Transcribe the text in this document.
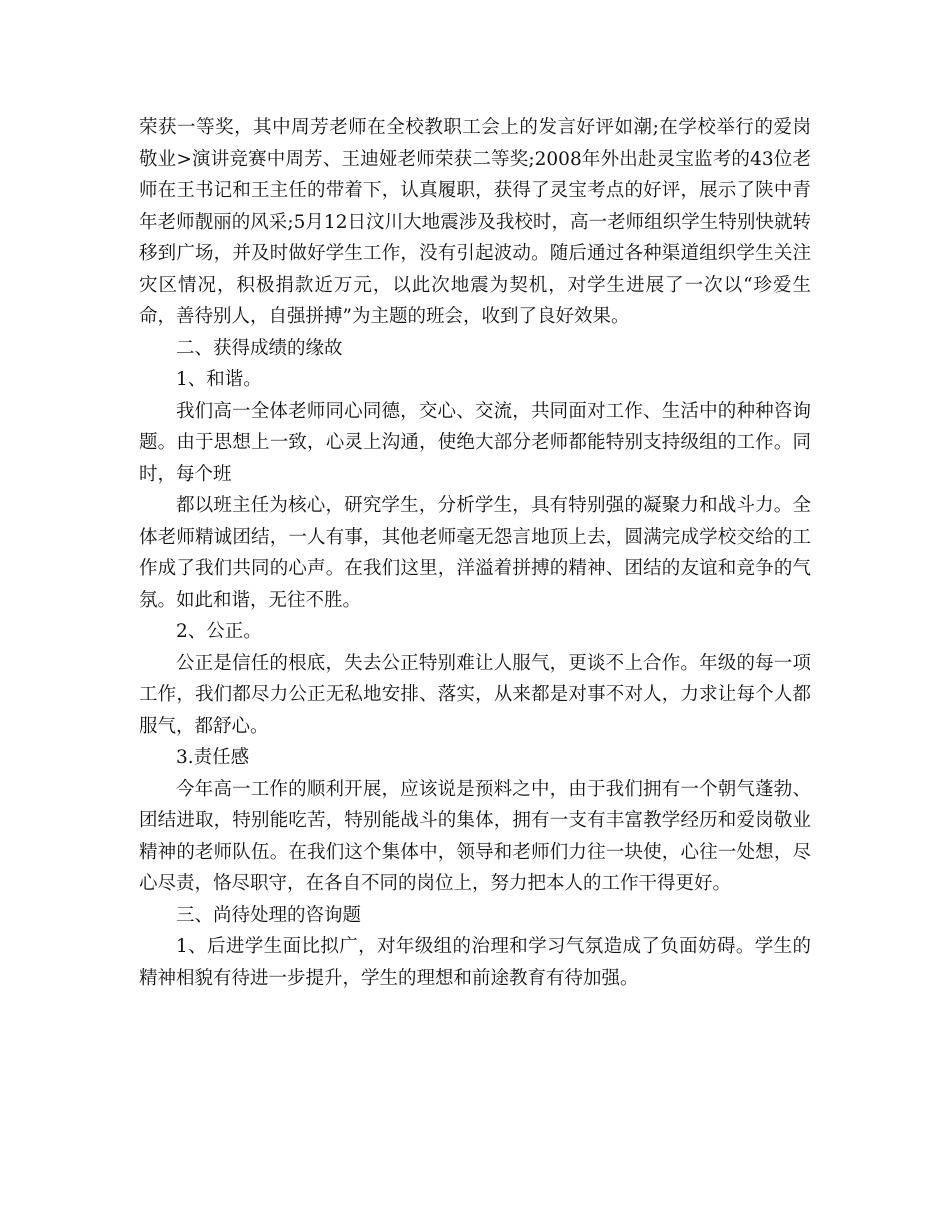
荣获一等奖，其中周芳老师在全校教职工会上的发言好评如潮;在学校举行的爱岗敬业>演讲竞赛中周芳、王迪娅老师荣获二等奖;2008年外出赴灵宝监考的43位老师在王书记和王主任的带着下，认真履职，获得了灵宝考点的好评，展示了陕中青年老师靓丽的风采;5月12日汶川大地震涉及我校时，高一老师组织学生特别快就转移到广场，并及时做好学生工作，没有引起波动。随后通过各种渠道组织学生关注灾区情况，积极捐款近万元，以此次地震为契机，对学生进展了一次以“珍爱生命，善待别人，自强拼搏”为主题的班会，收到了良好效果。

二、获得成绩的缘故

1、和谐。

我们高一全体老师同心同德，交心、交流，共同面对工作、生活中的种种咨询题。由于思想上一致，心灵上沟通，使绝大部分老师都能特别支持级组的工作。同时，每个班

都以班主任为核心，研究学生，分析学生，具有特别强的凝聚力和战斗力。全体老师精诚团结，一人有事，其他老师毫无怨言地顶上去，圆满完成学校交给的工作成了我们共同的心声。在我们这里，洋溢着拼搏的精神、团结的友谊和竞争的气氛。如此和谐，无往不胜。

2、公正。

公正是信任的根底，失去公正特别难让人服气，更谈不上合作。年级的每一项工作，我们都尽力公正无私地安排、落实，从来都是对事不对人，力求让每个人都服气，都舒心。

3.责任感

今年高一工作的顺利开展，应该说是预料之中，由于我们拥有一个朝气蓬勃、团结进取，特别能吃苦，特别能战斗的集体，拥有一支有丰富教学经历和爱岗敬业精神的老师队伍。在我们这个集体中，领导和老师们力往一块使，心往一处想，尽心尽责，恪尽职守，在各自不同的岗位上，努力把本人的工作干得更好。

三、尚待处理的咨询题

1、后进学生面比拟广，对年级组的治理和学习气氛造成了负面妨碍。学生的精神相貌有待进一步提升，学生的理想和前途教育有待加强。
